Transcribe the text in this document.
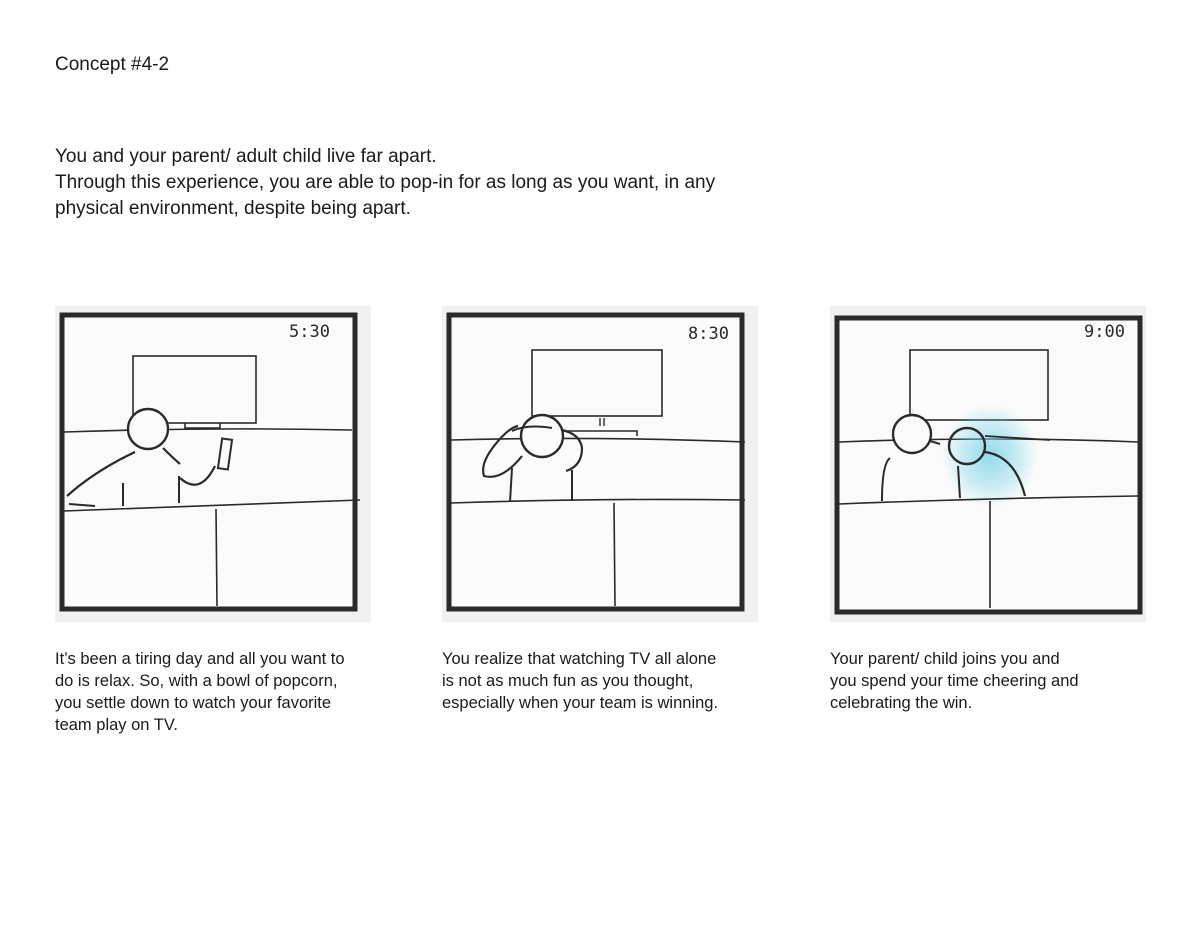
Concept #4-2
You and your parent/ adult child live far apart.
Through this experience, you are able to pop-in for as long as you want, in any
physical environment, despite being apart.
5:30	8:30	9:00
It’s been a tiring day and all you want to
do is relax. So, with a bowl of popcorn,
you settle down to watch your favorite
team play on TV.
You realize that watching TV all alone
is not as much fun as you thought,
especially when your team is winning.
Your parent/ child joins you and
you spend your time cheering and
celebrating the win.
